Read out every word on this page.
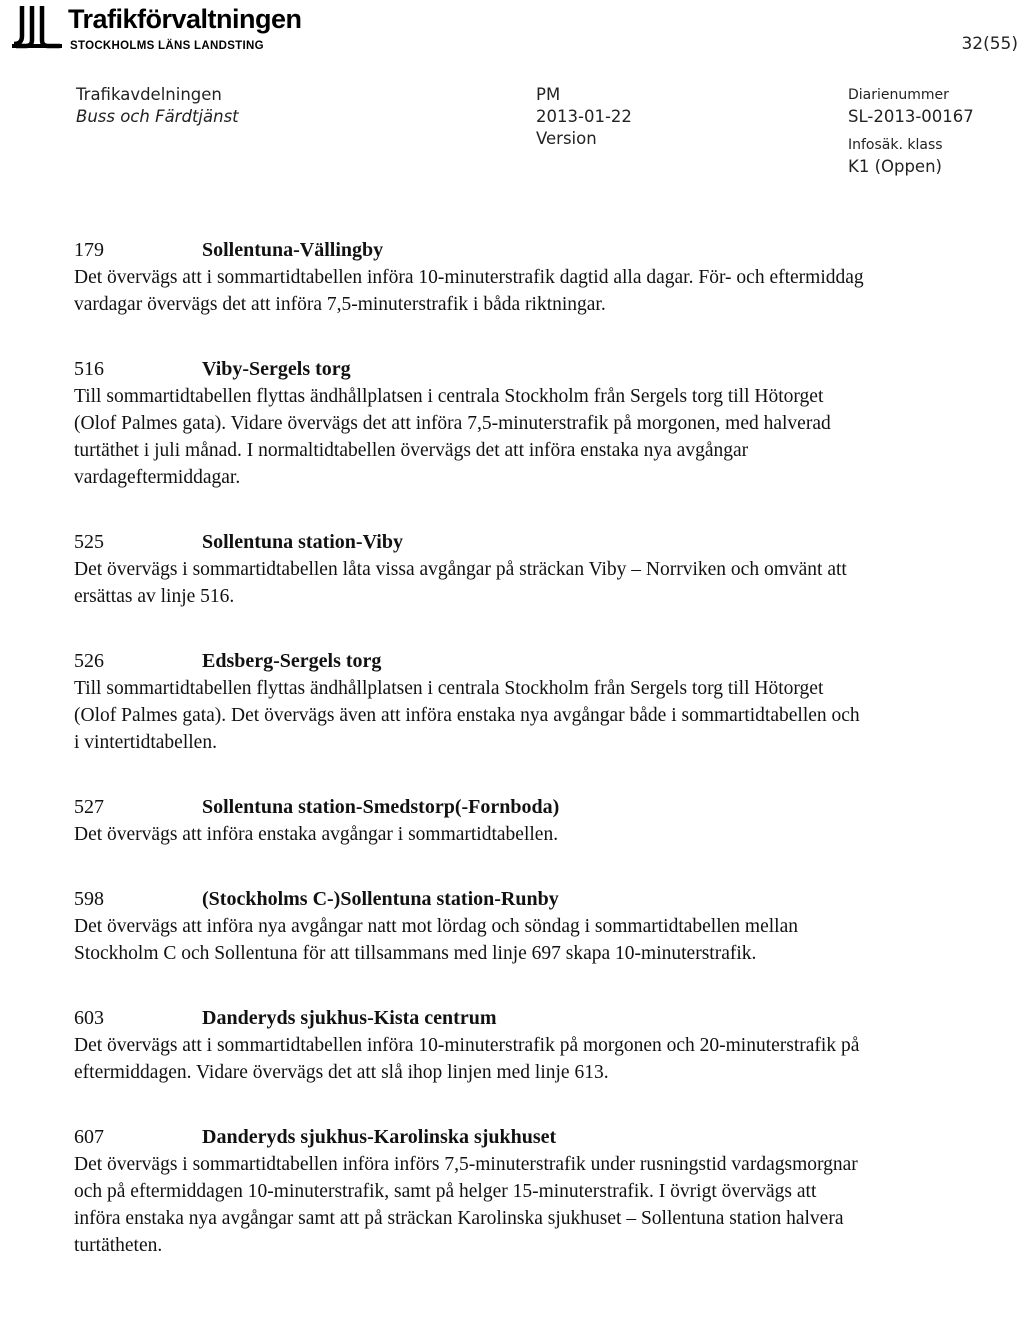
Trafikförvaltningen
STOCKHOLMS LÄNS LANDSTING	32(55)
Trafikavdelningen
Buss och Färdtjänst
PM
2013-01-22
Version
Diarienummer
SL-2013-00167
Infosäk. klass
K1 (Oppen)
179	Sollentuna-Vällingby

Det övervägs att i sommartidtabellen införa 10-minuterstrafik dagtid alla dagar. För- och eftermiddag vardagar övervägs det att införa 7,5-minuterstrafik i båda riktningar.

516	Viby-Sergels torg

Till sommartidtabellen flyttas ändhållplatsen i centrala Stockholm från Sergels torg till Hötorget (Olof Palmes gata). Vidare övervägs det att införa 7,5-minuterstrafik på morgonen, med halverad turtäthet i juli månad. I normaltidtabellen övervägs det att införa enstaka nya avgångar vardageftermiddagar.

525	Sollentuna station-Viby

Det övervägs i sommartidtabellen låta vissa avgångar på sträckan Viby – Norrviken och omvänt att ersättas av linje 516.

526	Edsberg-Sergels torg

Till sommartidtabellen flyttas ändhållplatsen i centrala Stockholm från Sergels torg till Hötorget (Olof Palmes gata). Det övervägs även att införa enstaka nya avgångar både i sommartidtabellen och i vintertidtabellen.

527	Sollentuna station-Smedstorp(-Fornboda)

Det övervägs att införa enstaka avgångar i sommartidtabellen.

598	(Stockholms C-)Sollentuna station-Runby

Det övervägs att införa nya avgångar natt mot lördag och söndag i sommartidtabellen mellan Stockholm C och Sollentuna för att tillsammans med linje 697 skapa 10-minuterstrafik.

603	Danderyds sjukhus-Kista centrum

Det övervägs att i sommartidtabellen införa 10-minuterstrafik på morgonen och 20-minuterstrafik på eftermiddagen. Vidare övervägs det att slå ihop linjen med linje 613.

607	Danderyds sjukhus-Karolinska sjukhuset

Det övervägs i sommartidtabellen införa införs 7,5-minuterstrafik under rusningstid vardagsmorgnar och på eftermiddagen 10-minuterstrafik, samt på helger 15-minuterstrafik. I övrigt övervägs att införa enstaka nya avgångar samt att på sträckan Karolinska sjukhuset – Sollentuna station halvera turtätheten.
